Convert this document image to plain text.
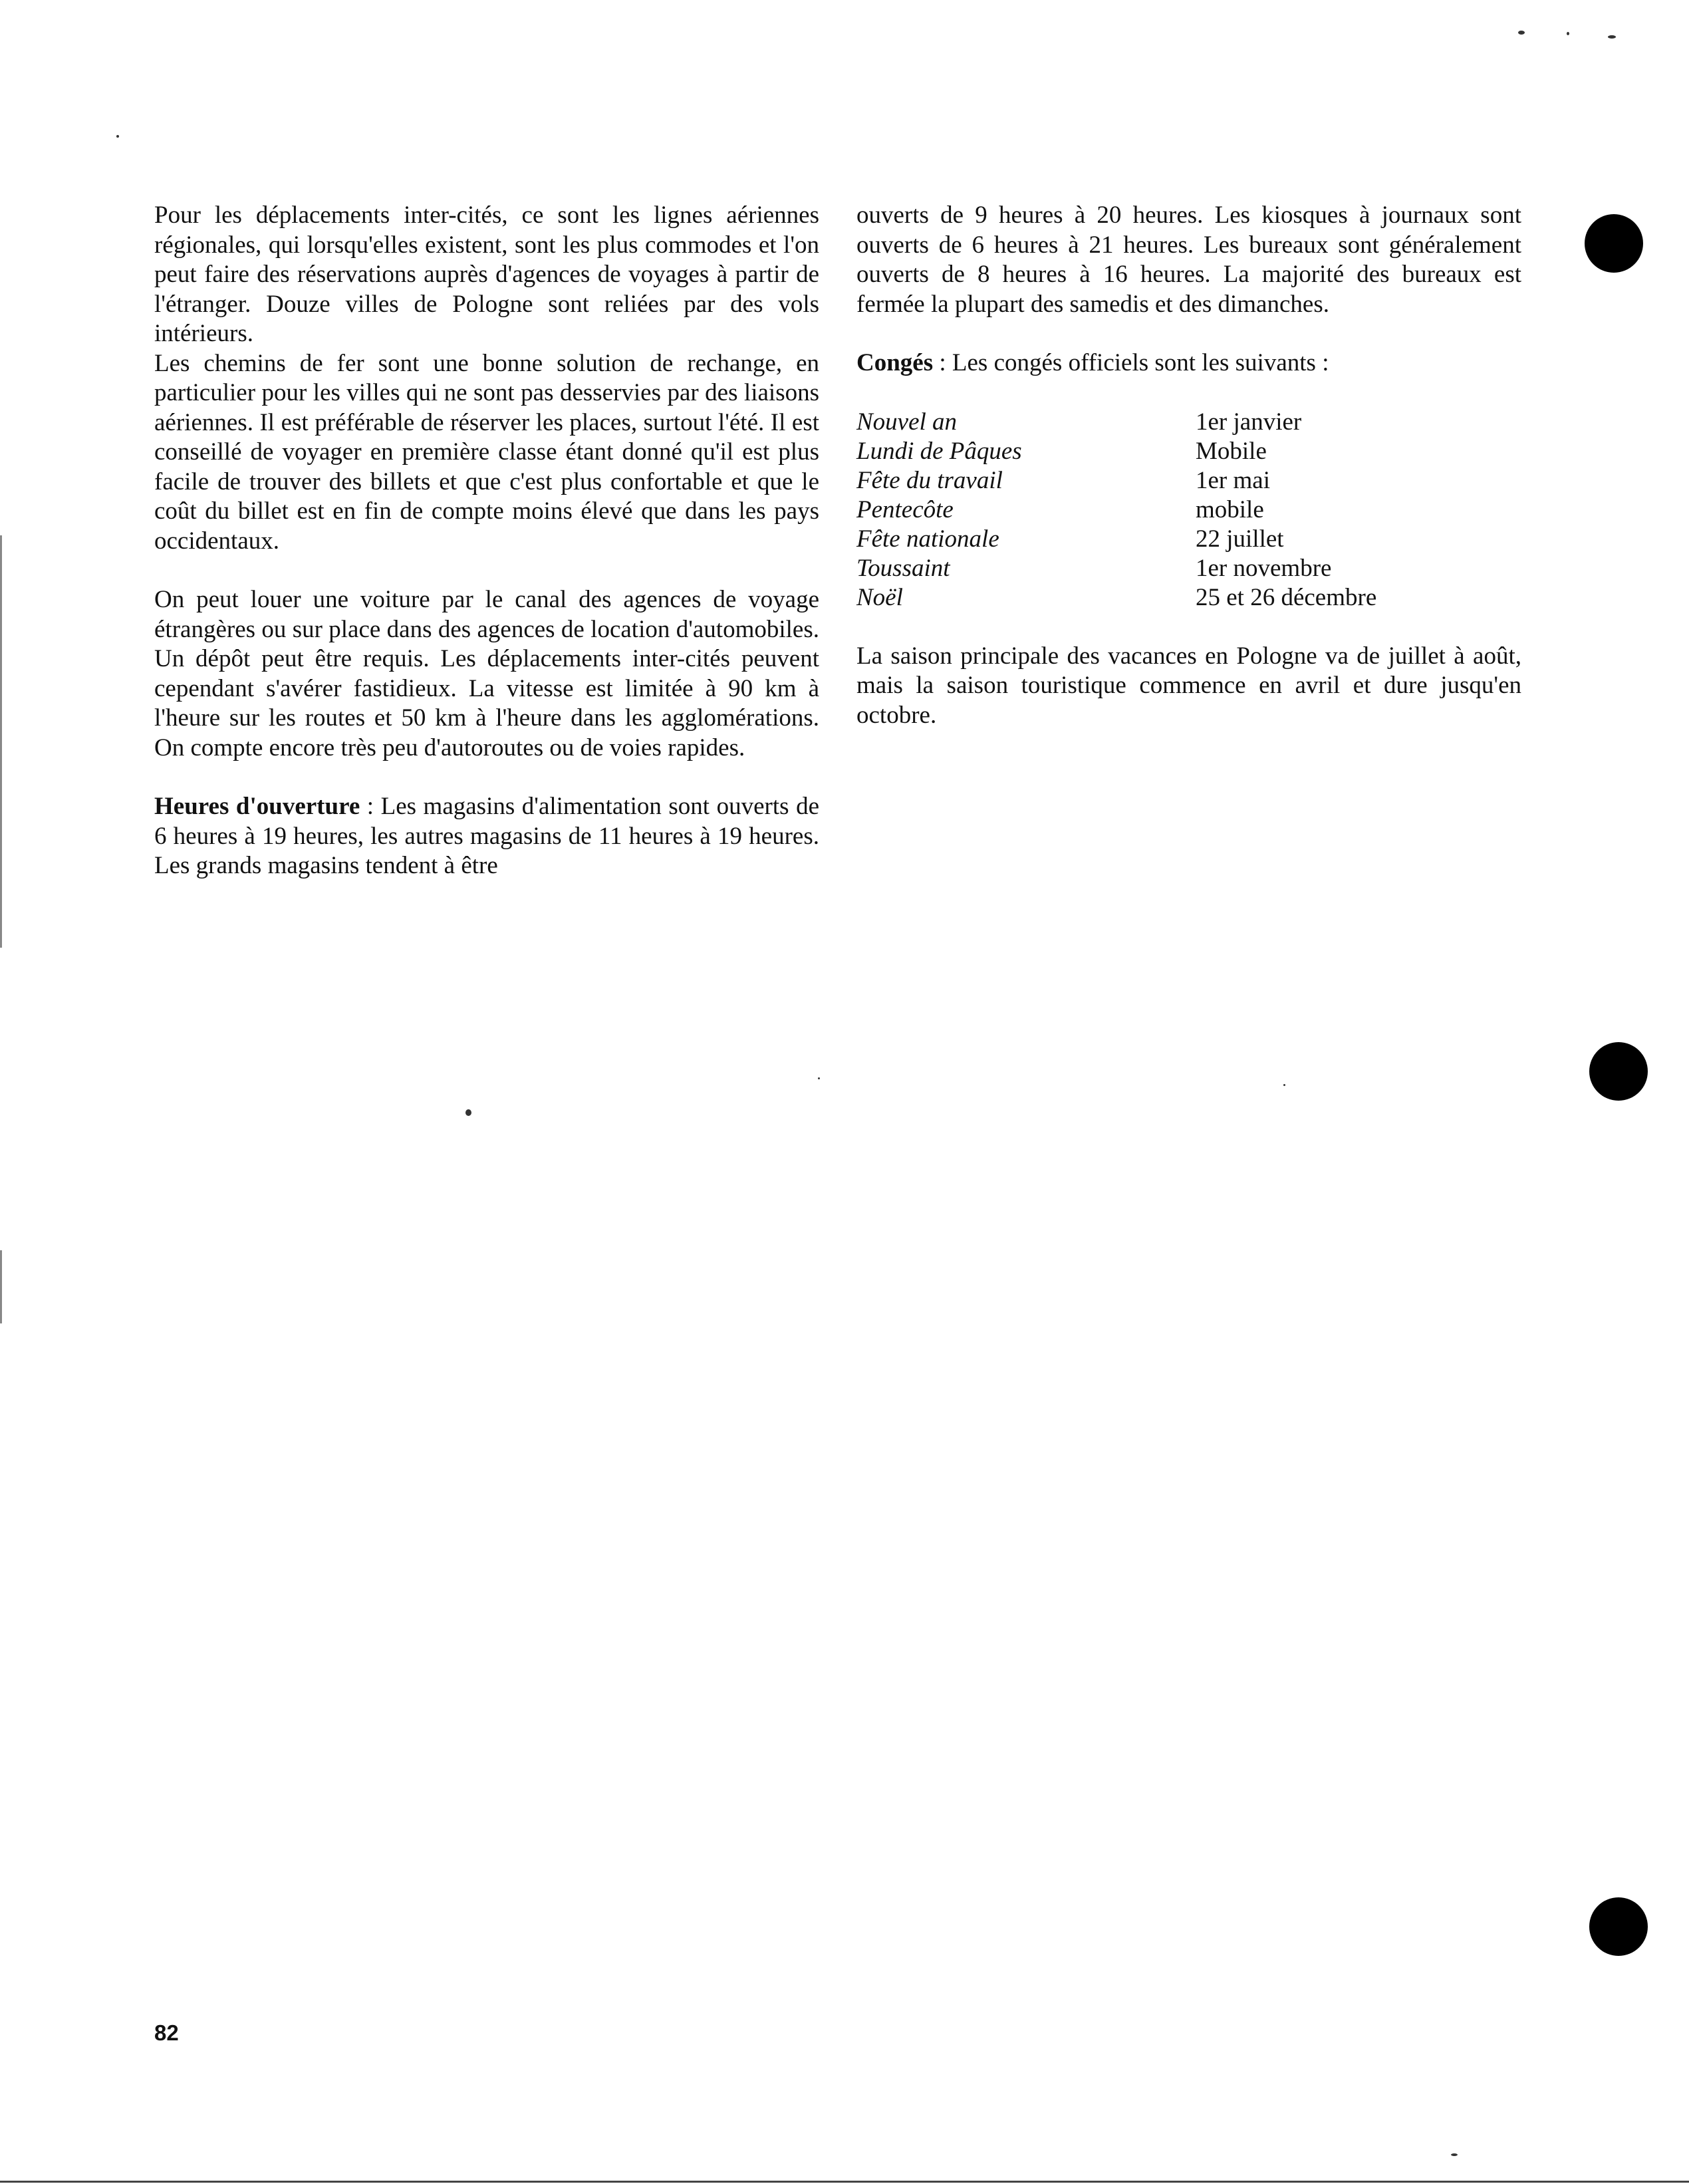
Pour les déplacements inter-cités, ce sont les lignes aériennes régionales, qui lorsqu'elles existent, sont les plus commodes et l'on peut faire des réservations auprès d'agences de voyages à partir de l'étranger. Douze villes de Pologne sont reliées par des vols intérieurs.

Les chemins de fer sont une bonne solution de rechange, en particulier pour les villes qui ne sont pas desservies par des liaisons aériennes. Il est préférable de réserver les places, surtout l'été. Il est conseillé de voyager en première classe étant donné qu'il est plus facile de trouver des billets et que c'est plus confortable et que le coût du billet est en fin de compte moins élevé que dans les pays occidentaux.

On peut louer une voiture par le canal des agences de voyage étrangères ou sur place dans des agences de location d'automobiles. Un dépôt peut être requis. Les déplacements inter-cités peuvent cependant s'avérer fastidieux. La vitesse est limitée à 90 km à l'heure sur les routes et 50 km à l'heure dans les agglomérations. On compte encore très peu d'autoroutes ou de voies rapides.

Heures d'ouverture : Les magasins d'alimentation sont ouverts de 6 heures à 19 heures, les autres magasins de 11 heures à 19 heures. Les grands magasins tendent à être

ouverts de 9 heures à 20 heures. Les kiosques à journaux sont ouverts de 6 heures à 21 heures. Les bureaux sont généralement ouverts de 8 heures à 16 heures. La majorité des bureaux est fermée la plupart des samedis et des dimanches.

Congés : Les congés officiels sont les suivants :

Nouvel an	1er janvier
Lundi de Pâques	Mobile
Fête du travail	1er mai
Pentecôte	mobile
Fête nationale	22 juillet
Toussaint	1er novembre
Noël	25 et 26 décembre

La saison principale des vacances en Pologne va de juillet à août, mais la saison touristique commence en avril et dure jusqu'en octobre.

82
